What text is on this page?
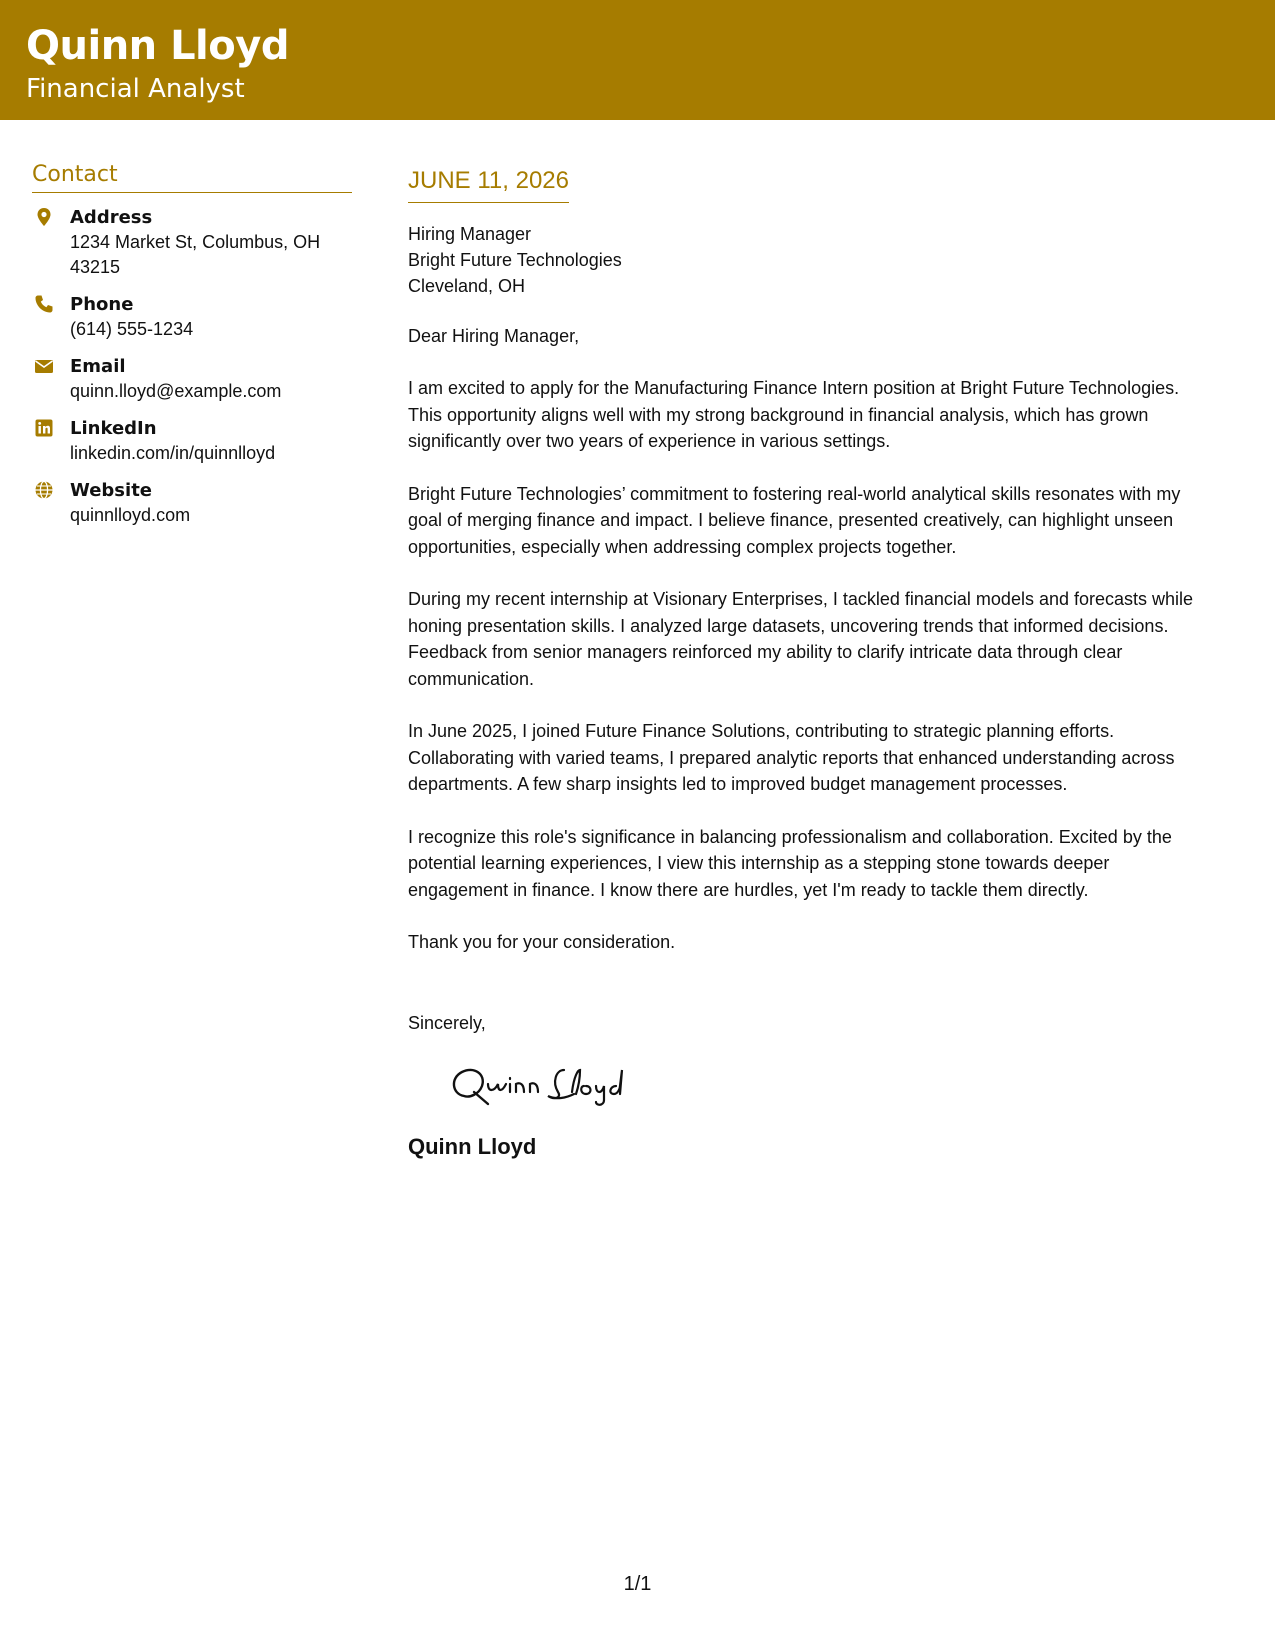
Quinn Lloyd
Financial Analyst
Contact
Address
1234 Market St, Columbus, OH
43215
Phone
(614) 555-1234
Email
quinn.lloyd@example.com
LinkedIn
linkedin.com/in/quinnlloyd
Website
quinnlloyd.com
JUNE 11, 2026
Hiring Manager
Bright Future Technologies
Cleveland, OH
Dear Hiring Manager,
I am excited to apply for the Manufacturing Finance Intern position at Bright Future Technologies.
This opportunity aligns well with my strong background in financial analysis, which has grown
significantly over two years of experience in various settings.
Bright Future Technologies’ commitment to fostering real-world analytical skills resonates with my
goal of merging finance and impact. I believe finance, presented creatively, can highlight unseen
opportunities, especially when addressing complex projects together.
During my recent internship at Visionary Enterprises, I tackled financial models and forecasts while
honing presentation skills. I analyzed large datasets, uncovering trends that informed decisions.
Feedback from senior managers reinforced my ability to clarify intricate data through clear
communication.
In June 2025, I joined Future Finance Solutions, contributing to strategic planning efforts.
Collaborating with varied teams, I prepared analytic reports that enhanced understanding across
departments. A few sharp insights led to improved budget management processes.
I recognize this role's significance in balancing professionalism and collaboration. Excited by the
potential learning experiences, I view this internship as a stepping stone towards deeper
engagement in finance. I know there are hurdles, yet I'm ready to tackle them directly.
Thank you for your consideration.
Sincerely,
Quinn Lloyd
1/1
